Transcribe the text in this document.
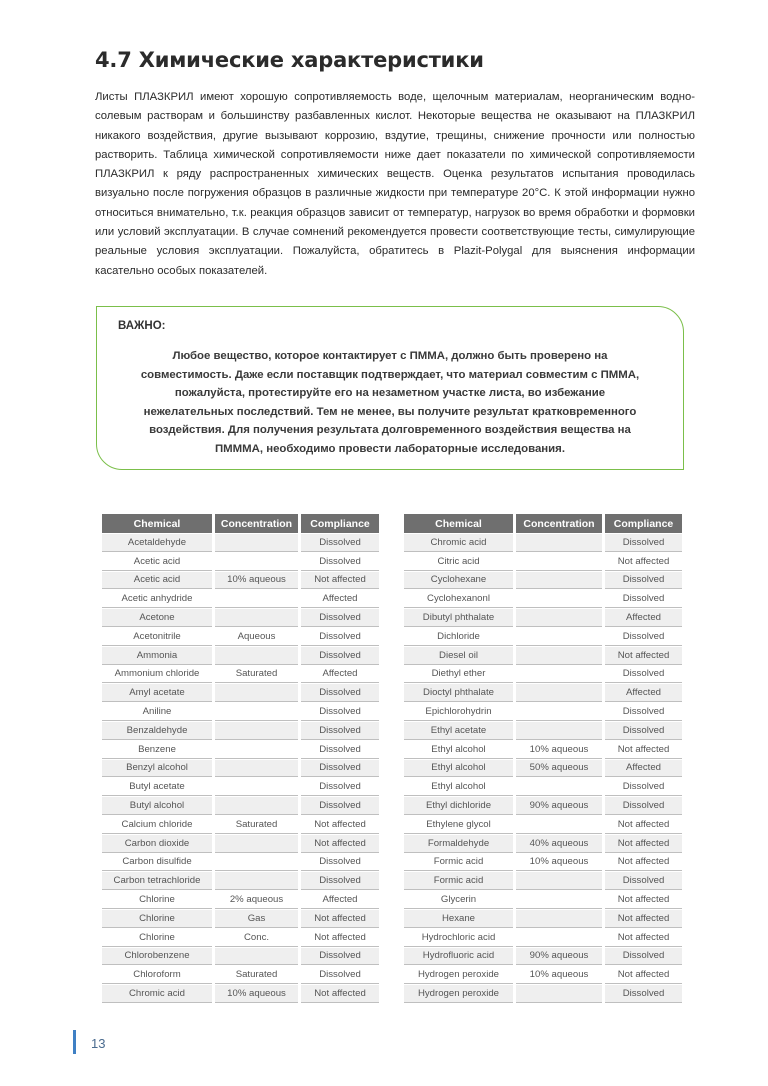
4.7 Химические характеристики

Листы ПЛАЗКРИЛ имеют хорошую сопротивляемость воде, щелочным материалам, неорганическим водно-солевым растворам и большинству разбавленных кислот. Некоторые вещества не оказывают на ПЛАЗКРИЛ никакого воздействия, другие вызывают коррозию, вздутие, трещины, снижение прочности или полностью растворить. Таблица химической сопротивляемости ниже дает показатели по химической сопротивляемости ПЛАЗКРИЛ к ряду распространенных химических веществ. Оценка результатов испытания проводилась визуально после погружения образцов в различные жидкости при температуре 20°С. К этой информации нужно относиться внимательно, т.к. реакция образцов зависит от температур, нагрузок во время обработки и формовки или условий эксплуатации. В случае сомнений рекомендуется провести соответствующие тесты, симулирующие реальные условия эксплуатации. Пожалуйста, обратитесь в Plazit-Polygal для выяснения информации касательно особых показателей.

ВАЖНО:
Любое вещество, которое контактирует с ПММА, должно быть проверено на
совместимость. Даже если поставщик подтверждает, что материал совместим с ПММА,
пожалуйста, протестируйте его на незаметном участке листа, во избежание
нежелательных последствий. Тем не менее, вы получите результат кратковременного
воздействия. Для получения результата долговременного воздействия вещества на
ПМММА, необходимо провести лабораторные исследования.
Chemical	Concentration	Compliance
Acetaldehyde		Dissolved
Acetic acid		Dissolved
Acetic acid	10% aqueous	Not affected
Acetic anhydride		Affected
Acetone		Dissolved
Acetonitrile	Aqueous	Dissolved
Ammonia		Dissolved
Ammonium chloride	Saturated	Affected
Amyl acetate		Dissolved
Aniline		Dissolved
Benzaldehyde		Dissolved
Benzene		Dissolved
Benzyl alcohol		Dissolved
Butyl acetate		Dissolved
Butyl alcohol		Dissolved
Calcium chloride	Saturated	Not affected
Carbon dioxide		Not affected
Carbon disulfide		Dissolved
Carbon tetrachloride		Dissolved
Chlorine	2% aqueous	Affected
Chlorine	Gas	Not affected
Chlorine	Conc.	Not affected
Chlorobenzene		Dissolved
Chloroform	Saturated	Dissolved
Chromic acid	10% aqueous	Not affected
Chemical	Concentration	Compliance
Chromic acid		Dissolved
Citric acid		Not affected
Cyclohexane		Dissolved
Cyclohexanonl		Dissolved
Dibutyl phthalate		Affected
Dichloride		Dissolved
Diesel oil		Not affected
Diethyl ether		Dissolved
Dioctyl phthalate		Affected
Epichlorohydrin		Dissolved
Ethyl acetate		Dissolved
Ethyl alcohol	10% aqueous	Not affected
Ethyl alcohol	50% aqueous	Affected
Ethyl alcohol		Dissolved
Ethyl dichloride	90% aqueous	Dissolved
Ethylene glycol		Not affected
Formaldehyde	40% aqueous	Not affected
Formic acid	10% aqueous	Not affected
Formic acid		Dissolved
Glycerin		Not affected
Hexane		Not affected
Hydrochloric acid		Not affected
Hydrofluoric acid	90% aqueous	Dissolved
Hydrogen peroxide	10% aqueous	Not affected
Hydrogen peroxide		Dissolved
13
